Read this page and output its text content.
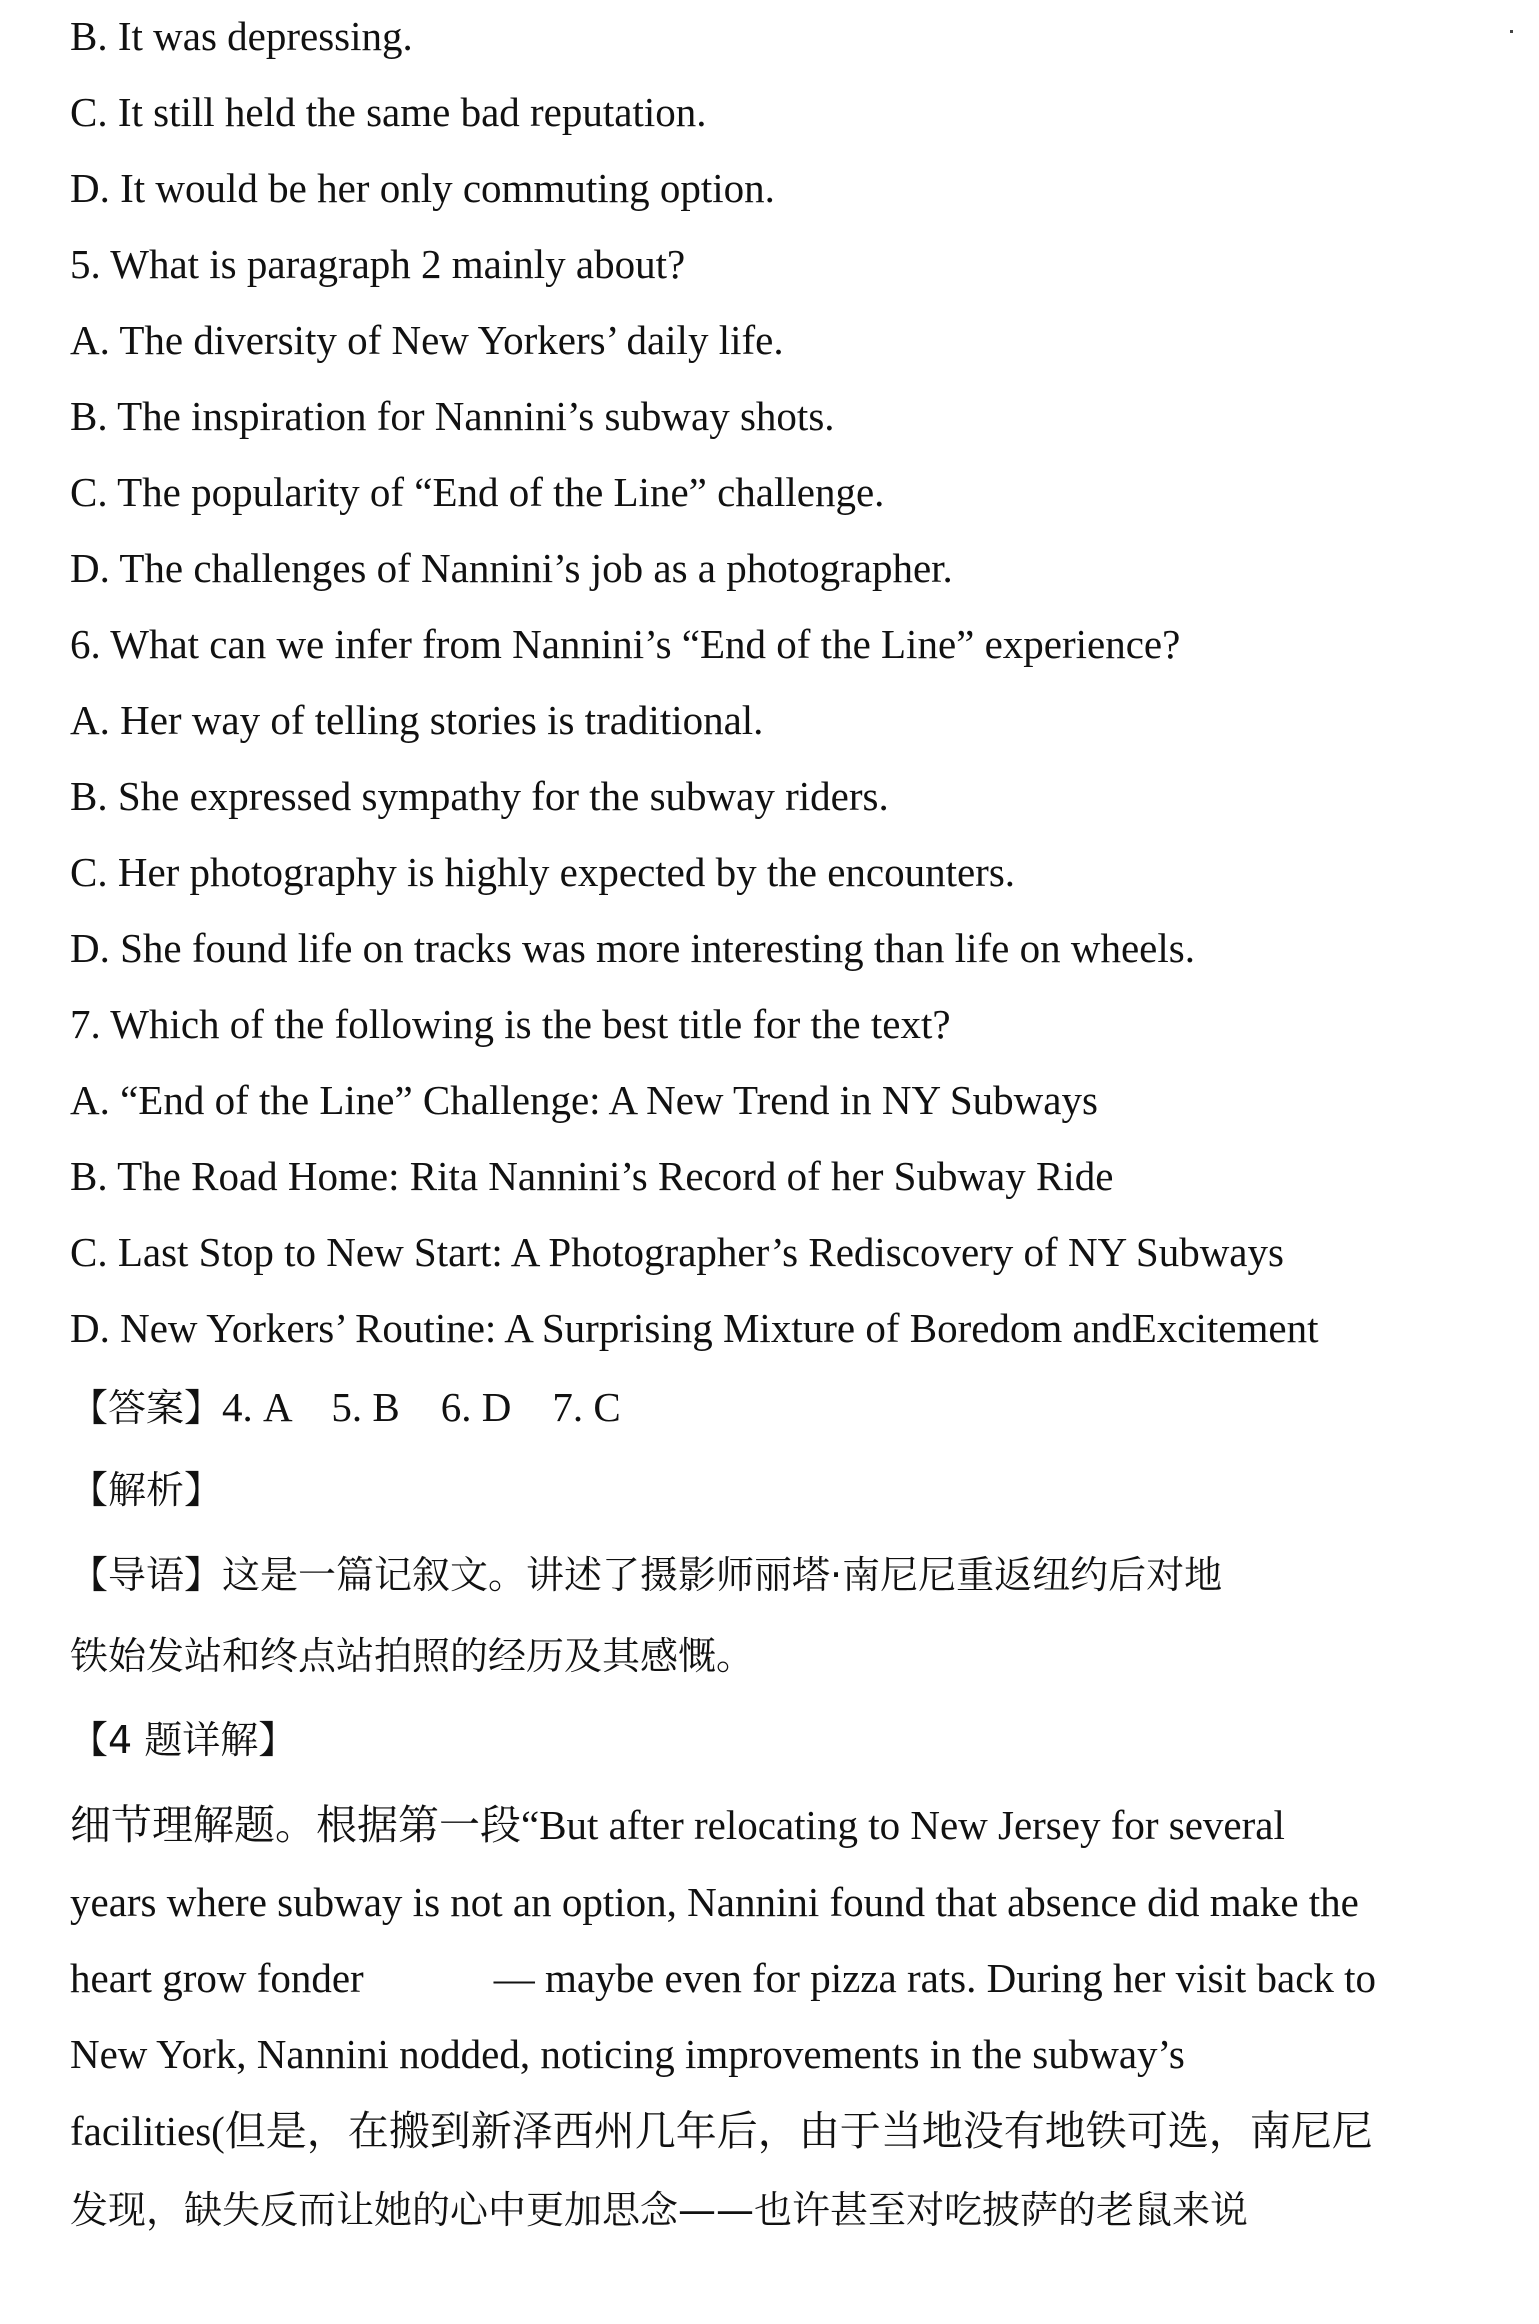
B. It was depressing.
C. It still held the same bad reputation.
D. It would be her only commuting option.
5. What is paragraph 2 mainly about?
A. The diversity of New Yorkers’ daily life.
B. The inspiration for Nannini’s subway shots.
C. The popularity of “End of the Line” challenge.
D. The challenges of Nannini’s job as a photographer.
6. What can we infer from Nannini’s “End of the Line” experience?
A. Her way of telling stories is traditional.
B. She expressed sympathy for the subway riders.
C. Her photography is highly expected by the encounters.
D. She found life on tracks was more interesting than life on wheels.
7. Which of the following is the best title for the text?
A. “End of the Line” Challenge: A New Trend in NY Subways
B. The Road Home: Rita Nannini’s Record of her Subway Ride
C. Last Stop to New Start: A Photographer’s Rediscovery of NY Subways
D. New Yorkers’ Routine: A Surprising Mixture of Boredom andExcitement
【答案】4. A　5. B　6. D　7. C
【解析】
【导语】这是一篇记叙文。讲述了摄影师丽塔·南尼尼重返纽约后对地
铁始发站和终点站拍照的经历及其感慨。
【4 题详解】
细节理解题。根据第一段“But after relocating to New Jersey for several
years where subway is not an option, Nannini found that absence did make the
heart grow fonder	— maybe even for pizza rats. During her visit back to
New York, Nannini nodded, noticing improvements in the subway’s
facilities(但是，在搬到新泽西州几年后，由于当地没有地铁可选，南尼尼
发现，缺失反而让她的心中更加思念——也许甚至对吃披萨的老鼠来说
